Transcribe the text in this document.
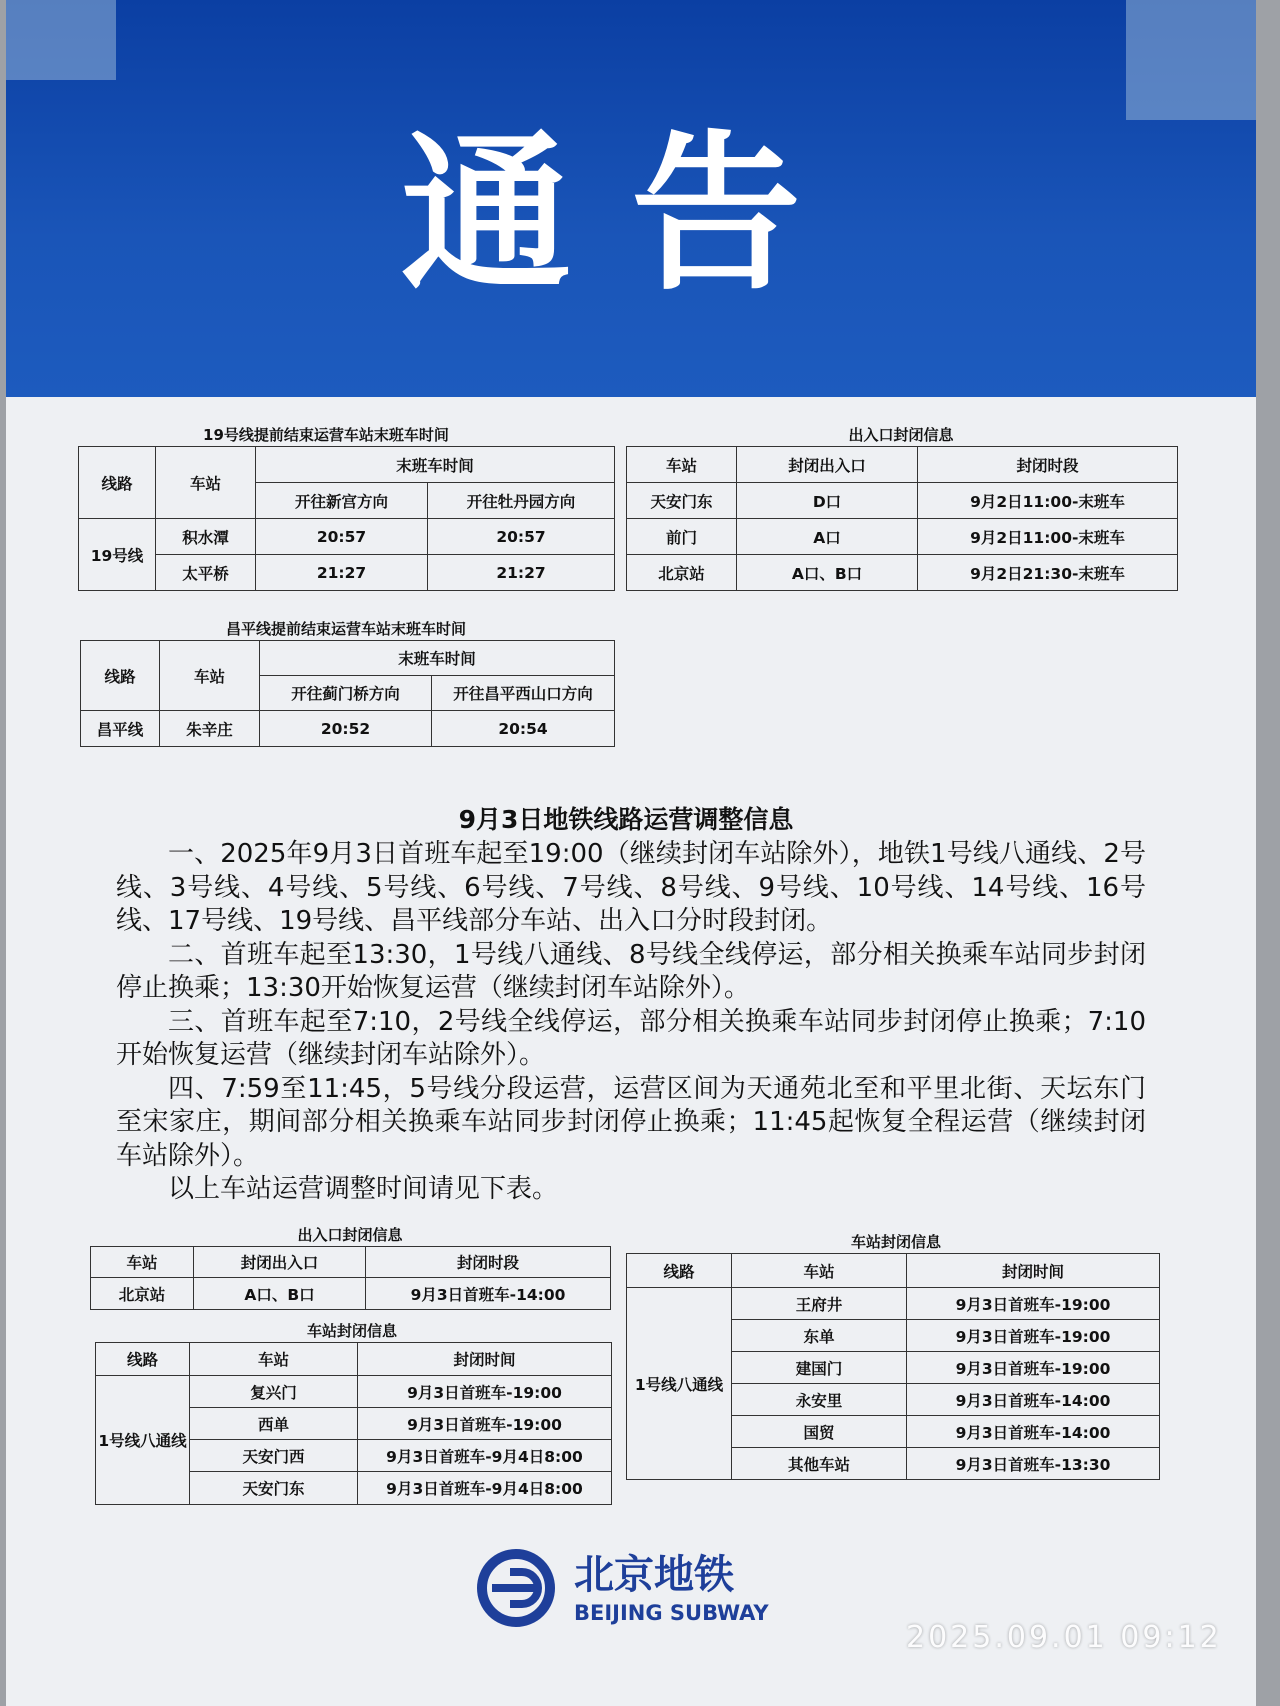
通告
19号线提前结束运营车站末班车时间
线路	车站	末班车时间	
		开往新宫方向	开往牡丹园方向
19号线	积水潭	20:57	20:57
	太平桥	21:27	21:27
出入口封闭信息
车站	封闭出入口	封闭时段
天安门东	D口	9月2日11:00-末班车
前门	A口	9月2日11:00-末班车
北京站	A口、B口	9月2日21:30-末班车
昌平线提前结束运营车站末班车时间
线路	车站	末班车时间	
		开往蓟门桥方向	开往昌平西山口方向
昌平线	朱辛庄	20:52	20:54
9月3日地铁线路运营调整信息

一、2025年9月3日首班车起至19:00（继续封闭车站除外），地铁1号线八通线、2号线、3号线、4号线、5号线、6号线、7号线、8号线、9号线、10号线、14号线、16号线、17号线、19号线、昌平线部分车站、出入口分时段封闭。

二、首班车起至13:30，1号线八通线、8号线全线停运，部分相关换乘车站同步封闭停止换乘；13:30开始恢复运营（继续封闭车站除外）。

三、首班车起至7:10，2号线全线停运，部分相关换乘车站同步封闭停止换乘；7:10开始恢复运营（继续封闭车站除外）。

四、7:59至11:45，5号线分段运营，运营区间为天通苑北至和平里北街、天坛东门至宋家庄，期间部分相关换乘车站同步封闭停止换乘；11:45起恢复全程运营（继续封闭车站除外）。

以上车站运营调整时间请见下表。

出入口封闭信息
车站	封闭出入口	封闭时段
北京站	A口、B口	9月3日首班车-14:00
车站封闭信息
线路	车站	封闭时间
1号线八通线	复兴门	9月3日首班车-19:00
	西单	9月3日首班车-19:00
	天安门西	9月3日首班车-9月4日8:00
	天安门东	9月3日首班车-9月4日8:00
车站封闭信息
线路	车站	封闭时间
1号线八通线	王府井	9月3日首班车-19:00
	东单	9月3日首班车-19:00
	建国门	9月3日首班车-19:00
	永安里	9月3日首班车-14:00
	国贸	9月3日首班车-14:00
	其他车站	9月3日首班车-13:30
北京地铁
BEIJING SUBWAY
2025.09.01 09:12
